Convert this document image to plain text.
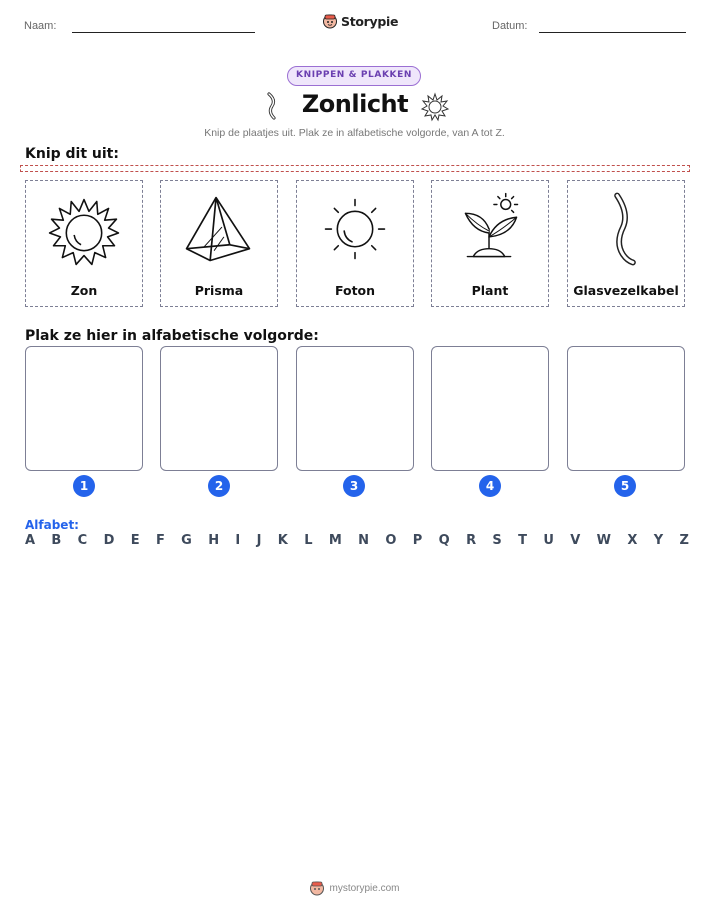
Naam:	Storypie	Datum:
KNIPPEN & PLAKKEN
Zonlicht
Knip de plaatjes uit. Plak ze in alfabetische volgorde, van A tot Z.
Knip dit uit:
Zon	Prisma	Foton	Plant	Glasvezelkabel
Plak ze hier in alfabetische volgorde:
1	2	3	4	5
Alfabet:
A B C D E F G H I J K L M N O P Q R S T U V W X Y Z
mystorypie.com
